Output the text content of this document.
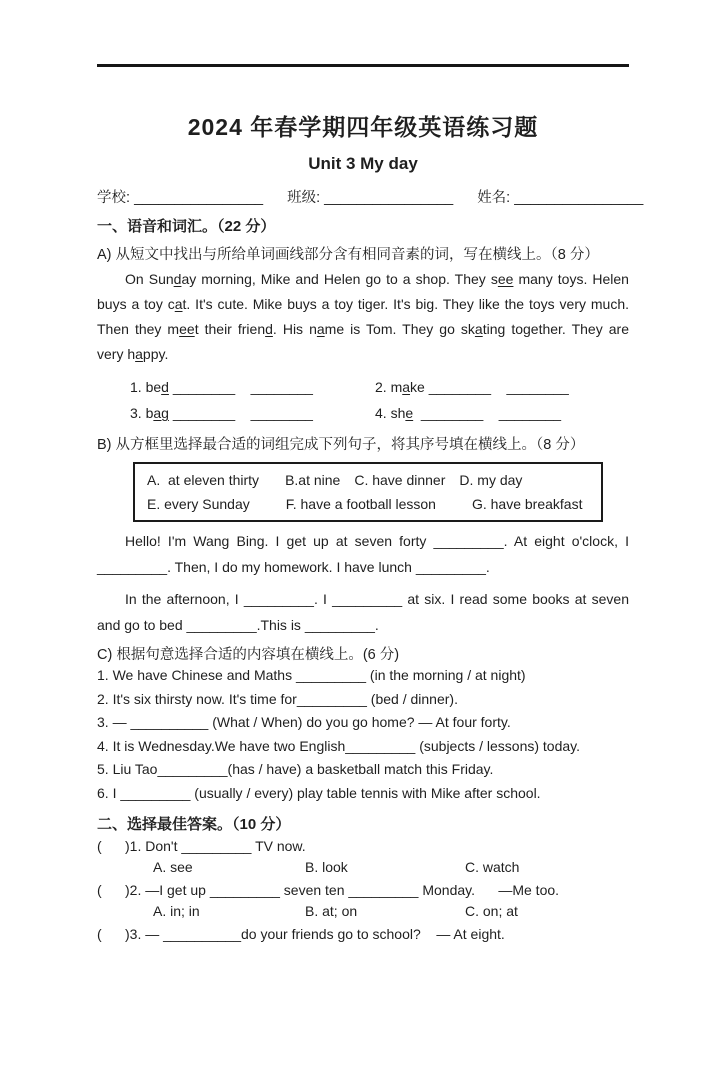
2024 年春学期四年级英语练习题
Unit 3 My day
学校: ________________ 班级: ________________ 姓名: ________________
一、语音和词汇。（22 分）
A) 从短文中找出与所给单词画线部分含有相同音素的词，写在横线上。（8 分）
On Sunday morning, Mike and Helen go to a shop. They see many toys. Helen buys a toy cat. It's cute. Mike buys a toy tiger. It's big. They like the toys very much. Then they meet their friend. His name is Tom. They go skating together. They are very happy.
1. bed ________    ________	2. make ________    ________
3. bag ________    ________	4. she  ________    ________
B) 从方框里选择最合适的词组完成下列句子，将其序号填在横线上。（8 分）
A.  at eleven thirty B.at nine C. have dinner D. my day
E. every Sunday	F. have a football lesson	G. have breakfast
Hello! I'm Wang Bing. I get up at seven forty _________. At eight o'clock, I _________. Then, I do my homework. I have lunch _________.
In the afternoon, I _________. I _________ at six. I read some books at seven and go to bed _________.This is _________.
C) 根据句意选择合适的内容填在横线上。(6 分)
1. We have Chinese and Maths _________ (in the morning / at night)
2. It's six thirsty now. It's time for_________ (bed / dinner).
3. — __________ (What / When) do you go home? — At four forty.
4. It is Wednesday.We have two English_________ (subjects / lessons) today.
5. Liu Tao_________(has / have) a basketball match this Friday.
6. I _________ (usually / every) play table tennis with Mike after school.
二、选择最佳答案。（10 分）
(      )1. Don't _________ TV now.
A. see	B. look	C. watch
(      )2. —I get up _________ seven ten _________ Monday.      —Me too.
A. in; in	B. at; on	C. on; at
(      )3. — __________do your friends go to school?    — At eight.
